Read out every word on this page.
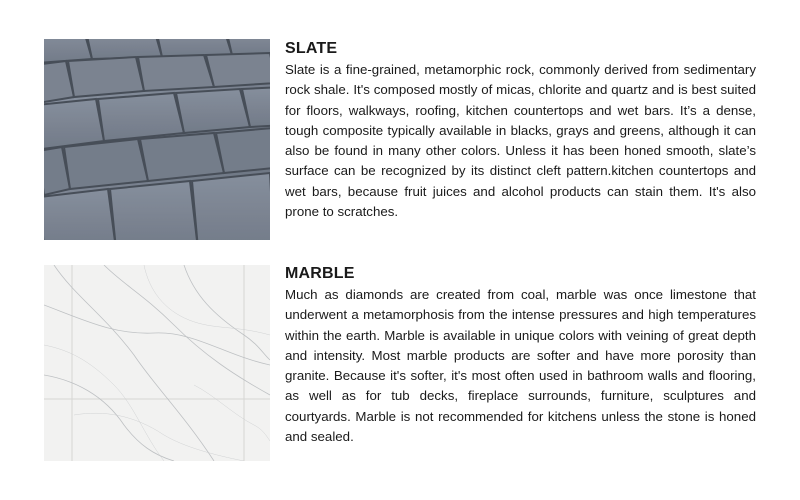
SLATE

Slate is a fine-grained, metamorphic rock, commonly derived from sedimentary rock shale. It's composed mostly of micas, chlorite and quartz and is best suited for floors, walkways, roofing, kitchen countertops and wet bars. It’s a dense, tough composite typically available in blacks, grays and greens, although it can also be found in many other colors. Unless it has been honed smooth, slate’s surface can be recognized by its distinct cleft pattern.kitchen countertops and wet bars, because fruit juices and alcohol products can stain them. It's also prone to scratches.

MARBLE

Much as diamonds are created from coal, marble was once limestone that underwent a metamorphosis from the intense pressures and high temperatures within the earth. Marble is available in unique colors with veining of great depth and intensity. Most marble products are softer and have more porosity than granite. Because it's softer, it's most often used in bathroom walls and flooring, as well as for tub decks, fireplace surrounds, furniture, sculptures and courtyards. Marble is not recommended for kitchens unless the stone is honed and sealed.
